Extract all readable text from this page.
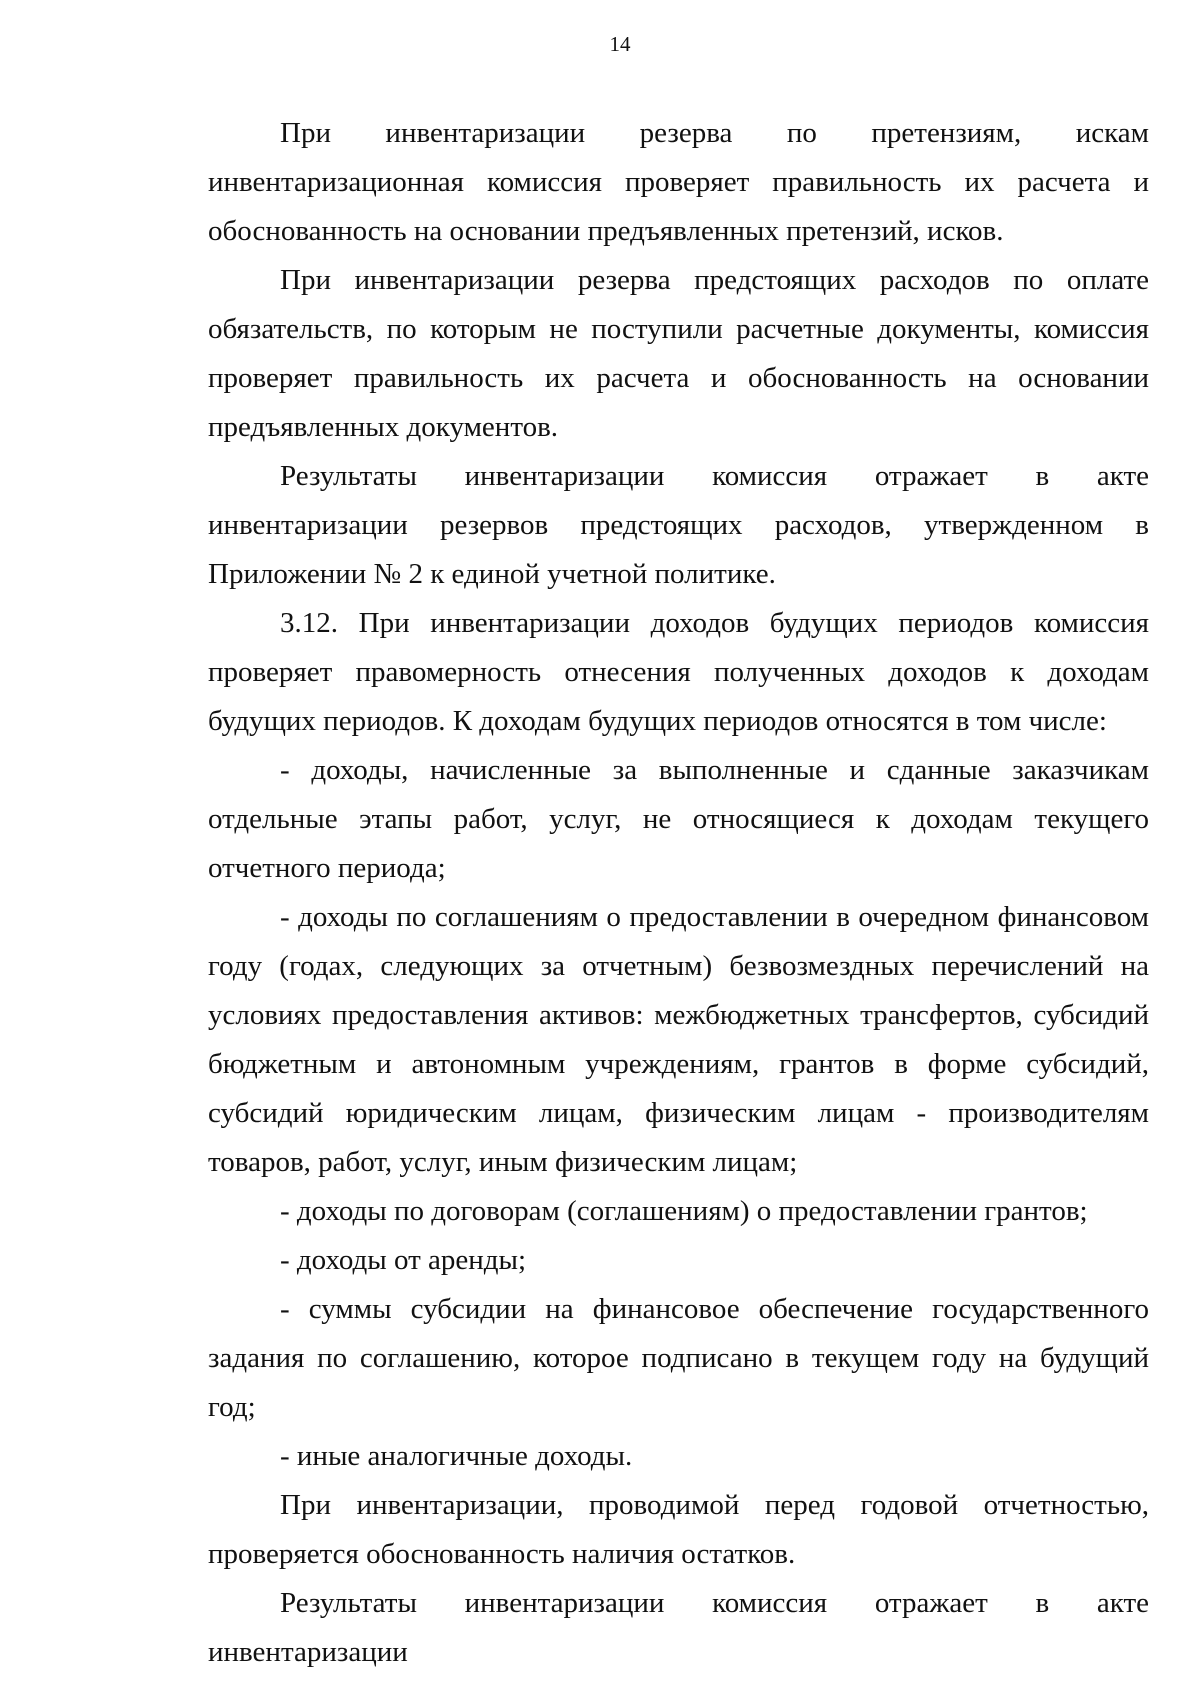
14

При инвентаризации резерва по претензиям, искам инвентаризационная комиссия проверяет правильность их расчета и обоснованность на основании предъявленных претензий, исков.

При инвентаризации резерва предстоящих расходов по оплате обязательств, по которым не поступили расчетные документы, комиссия проверяет правильность их расчета и обоснованность на основании предъявленных документов.

Результаты инвентаризации комиссия отражает в акте инвентаризации резервов предстоящих расходов, утвержденном в Приложении № 2 к единой учетной политике.

3.12. При инвентаризации доходов будущих периодов комиссия проверяет правомерность отнесения полученных доходов к доходам будущих периодов. К доходам будущих периодов относятся в том числе:

- доходы, начисленные за выполненные и сданные заказчикам отдельные этапы работ, услуг, не относящиеся к доходам текущего отчетного периода;

- доходы по соглашениям о предоставлении в очередном финансовом году (годах, следующих за отчетным) безвозмездных перечислений на условиях предоставления активов: межбюджетных трансфертов, субсидий бюджетным и автономным учреждениям, грантов в форме субсидий, субсидий юридическим лицам, физическим лицам - производителям товаров, работ, услуг, иным физическим лицам;

- доходы по договорам (соглашениям) о предоставлении грантов;

- доходы от аренды;

- суммы субсидии на финансовое обеспечение государственного задания по соглашению, которое подписано в текущем году на будущий год;

- иные аналогичные доходы.

При инвентаризации, проводимой перед годовой отчетностью, проверяется обоснованность наличия остатков.

Результаты инвентаризации комиссия отражает в акте инвентаризации
